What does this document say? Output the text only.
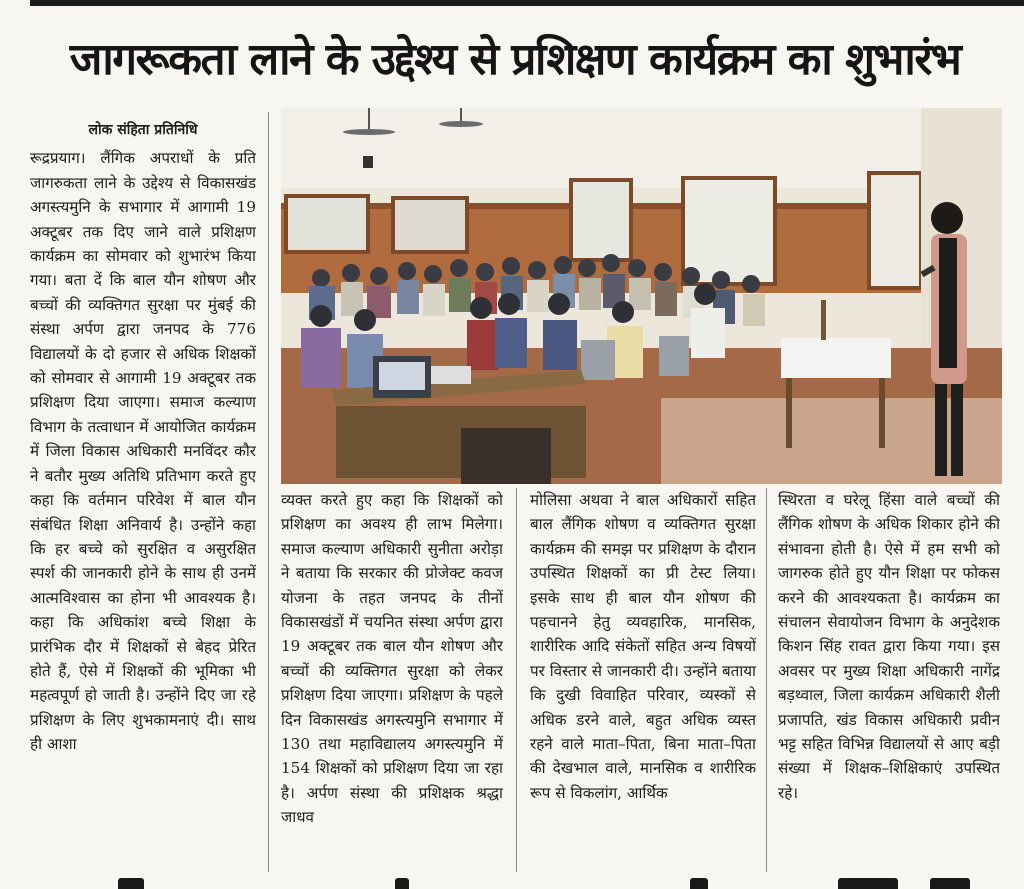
जागरूकता लाने के उद्देश्य से प्रशिक्षण कार्यक्रम का शुभारंभ
लोक संहिता प्रतिनिधि

रूद्रप्रयाग। लैंगिक अपराधों के प्रति जागरुकता लाने के उद्देश्य से विकासखंड अगस्त्यमुनि के सभागार में आगामी 19 अक्टूबर तक दिए जाने वाले प्रशिक्षण कार्यक्रम का सोमवार को शुभारंभ किया गया। बता दें कि बाल यौन शोषण और बच्चों की व्यक्तिगत सुरक्षा पर मुंबई की संस्था अर्पण द्वारा जनपद के 776 विद्यालयों के दो हजार से अधिक शिक्षकों को सोमवार से आगामी 19 अक्टूबर तक प्रशिक्षण दिया जाएगा। समाज कल्याण विभाग के तत्वाधान में आयोजित कार्यक्रम में जिला विकास अधिकारी मनविंदर कौर ने बतौर मुख्य अतिथि प्रतिभाग करते हुए कहा कि वर्तमान परिवेश में बाल यौन संबंधित शिक्षा अनिवार्य है। उन्होंने कहा कि हर बच्चे को सुरक्षित व असुरक्षित स्पर्श की जानकारी होने के साथ ही उनमें आत्मविश्वास का होना भी आवश्यक है। कहा कि अधिकांश बच्चे शिक्षा के प्रारंभिक दौर में शिक्षकों से बेहद प्रेरित होते हैं, ऐसे में शिक्षकों की भूमिका भी महत्वपूर्ण हो जाती है। उन्होंने दिए जा रहे प्रशिक्षण के लिए शुभकामनाएं दी। साथ ही आशा

व्यक्त करते हुए कहा कि शिक्षकों को प्रशिक्षण का अवश्य ही लाभ मिलेगा। समाज कल्याण अधिकारी सुनीता अरोड़ा ने बताया कि सरकार की प्रोजेक्ट कवज योजना के तहत जनपद के तीनों विकासखंडों में चयनित संस्था अर्पण द्वारा 19 अक्टूबर तक बाल यौन शोषण और बच्चों की व्यक्तिगत सुरक्षा को लेकर प्रशिक्षण दिया जाएगा। प्रशिक्षण के पहले दिन विकासखंड अगस्त्यमुनि सभागार में 130 तथा महाविद्यालय अगस्त्यमुनि में 154 शिक्षकों को प्रशिक्षण दिया जा रहा है। अर्पण संस्था की प्रशिक्षक श्रद्धा जाधव

मोलिसा अथवा ने बाल अधिकारों सहित बाल लैंगिक शोषण व व्यक्तिगत सुरक्षा कार्यक्रम की समझ पर प्रशिक्षण के दौरान उपस्थित शिक्षकों का प्री टेस्ट लिया। इसके साथ ही बाल यौन शोषण की पहचानने हेतु व्यवहारिक, मानसिक, शारीरिक आदि संकेतों सहित अन्य विषयों पर विस्तार से जानकारी दी। उन्होंने बताया कि दुखी विवाहित परिवार, व्यस्कों से अधिक डरने वाले, बहुत अधिक व्यस्त रहने वाले माता–पिता, बिना माता–पिता की देखभाल वाले, मानसिक व शारीरिक रूप से विकलांग, आर्थिक

स्थिरता व घरेलू हिंसा वाले बच्चों की लैंगिक शोषण के अधिक शिकार होने की संभावना होती है। ऐसे में हम सभी को जागरुक होते हुए यौन शिक्षा पर फोकस करने की आवश्यकता है। कार्यक्रम का संचालन सेवायोजन विभाग के अनुदेशक किशन सिंह रावत द्वारा किया गया। इस अवसर पर मुख्य शिक्षा अधिकारी नागेंद्र बड़थ्वाल, जिला कार्यक्रम अधिकारी शैली प्रजापति, खंड विकास अधिकारी प्रवीन भट्ट सहित विभिन्न विद्यालयों से आए बड़ी संख्या में शिक्षक–शिक्षिकाएं उपस्थित रहे।
